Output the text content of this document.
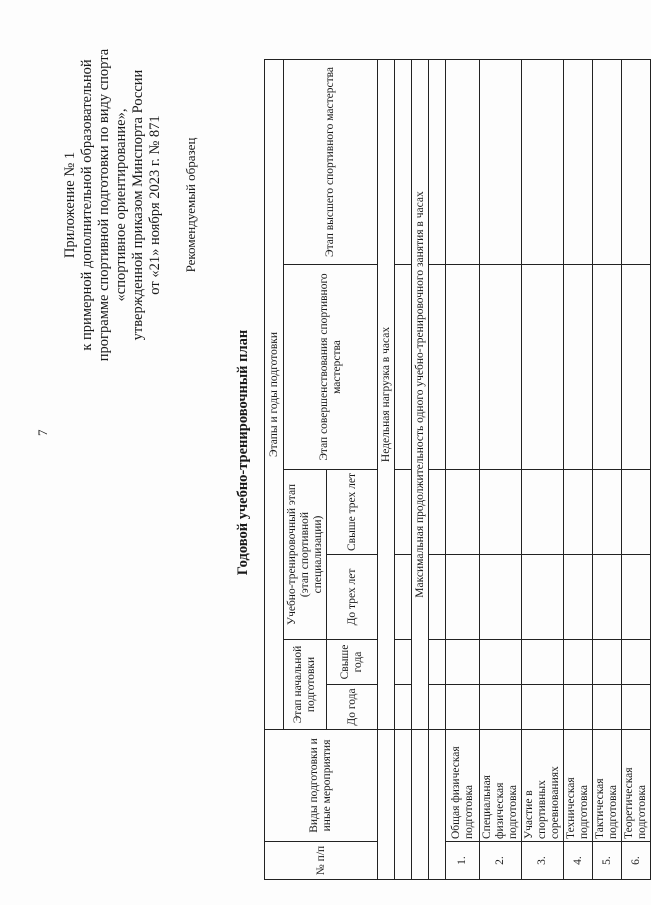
7
Приложение № 1 к примерной дополнительной образовательной программе спортивной подготовки по виду спорта «спортивное ориентирование», утвержденной приказом Минспорта России от «21» ноября 2023 г. № 871 Рекомендуемый образец
Годовой учебно-тренировочный план
№ п/п	Виды подготовки и иные мероприятия	Этапы и годы подготовки					
		Этап начальной подготовки		Учебно-тренировочный этап (этап спортивной специализации)		Этап совершенствования спортивного мастерства	Этап высшего спортивного мастерства
		До года	Свыше года	До трех лет	Свыше трех лет		
		Недельная нагрузка в часах					

		Максимальная продолжительность одного учебно-тренировочного занятия в часах					

1.	Общая физическая подготовка						
2.	Специальная физическая подготовка						
3.	Участие в спортивных соревнованиях						
4.	Техническая подготовка						
5.	Тактическая подготовка						
6.	Теоретическая подготовка						
